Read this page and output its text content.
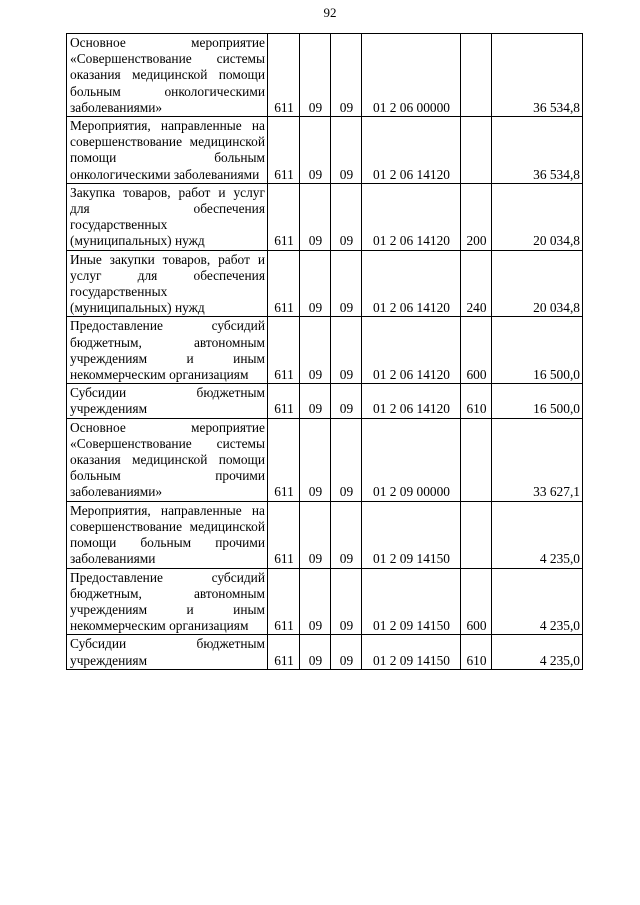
92
Основное мероприятие «Совершенствование системы оказания медицинской помощи больным онкологическими заболеваниями»	611	09	09	01 2 06 00000		36 534,8
Мероприятия, направленные на совершенствование медицинской помощи больным онкологическими заболеваниями	611	09	09	01 2 06 14120		36 534,8
Закупка товаров, работ и услуг для обеспечения государственных (муниципальных) нужд	611	09	09	01 2 06 14120	200	20 034,8
Иные закупки товаров, работ и услуг для обеспечения государственных (муниципальных) нужд	611	09	09	01 2 06 14120	240	20 034,8
Предоставление субсидий бюджетным, автономным учреждениям и иным некоммерческим организациям	611	09	09	01 2 06 14120	600	16 500,0
Субсидии бюджетным учреждениям	611	09	09	01 2 06 14120	610	16 500,0
Основное мероприятие «Совершенствование системы оказания медицинской помощи больным прочими заболеваниями»	611	09	09	01 2 09 00000		33 627,1
Мероприятия, направленные на совершенствование медицинской помощи больным прочими заболеваниями	611	09	09	01 2 09 14150		4 235,0
Предоставление субсидий бюджетным, автономным учреждениям и иным некоммерческим организациям	611	09	09	01 2 09 14150	600	4 235,0
Субсидии бюджетным учреждениям	611	09	09	01 2 09 14150	610	4 235,0
